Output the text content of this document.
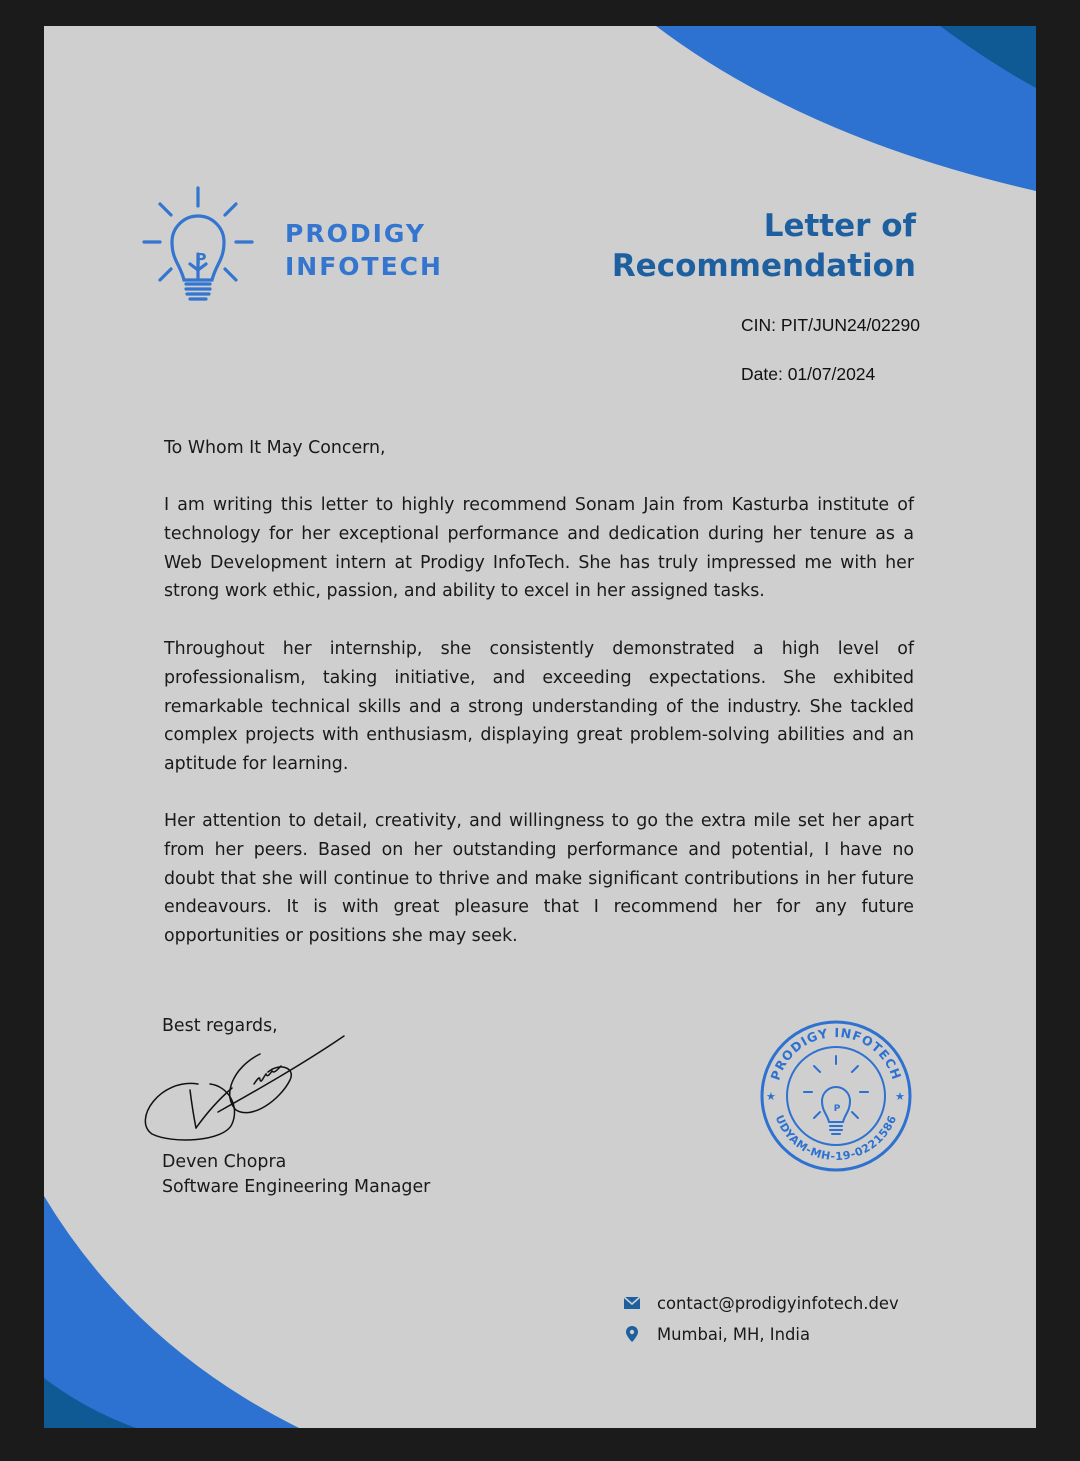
P
PRODIGY
INFOTECH
Letter of
Recommendation
CIN: PIT/JUN24/02290
Date: 01/07/2024

To Whom It May Concern,

I am writing this letter to highly recommend Sonam Jain from Kasturba institute of technology for her exceptional performance and dedication during her tenure as a Web Development intern at Prodigy InfoTech. She has truly impressed me with her strong work ethic, passion, and ability to excel in her assigned tasks.

Throughout her internship, she consistently demonstrated a high level of professionalism, taking initiative, and exceeding expectations. She exhibited remarkable technical skills and a strong understanding of the industry. She tackled complex projects with enthusiasm, displaying great problem-solving abilities and an aptitude for learning.

Her attention to detail, creativity, and willingness to go the extra mile set her apart from her peers. Based on her outstanding performance and potential, I have no doubt that she will continue to thrive and make significant contributions in her future endeavours. It is with great pleasure that I recommend her for any future opportunities or positions she may seek.

Best regards,
Deven Chopra
Software Engineering Manager
PRODIGY INFOTECH
UDYAM-MH-19-0221586
★	★
P
contact@prodigyinfotech.dev
Mumbai, MH, India
